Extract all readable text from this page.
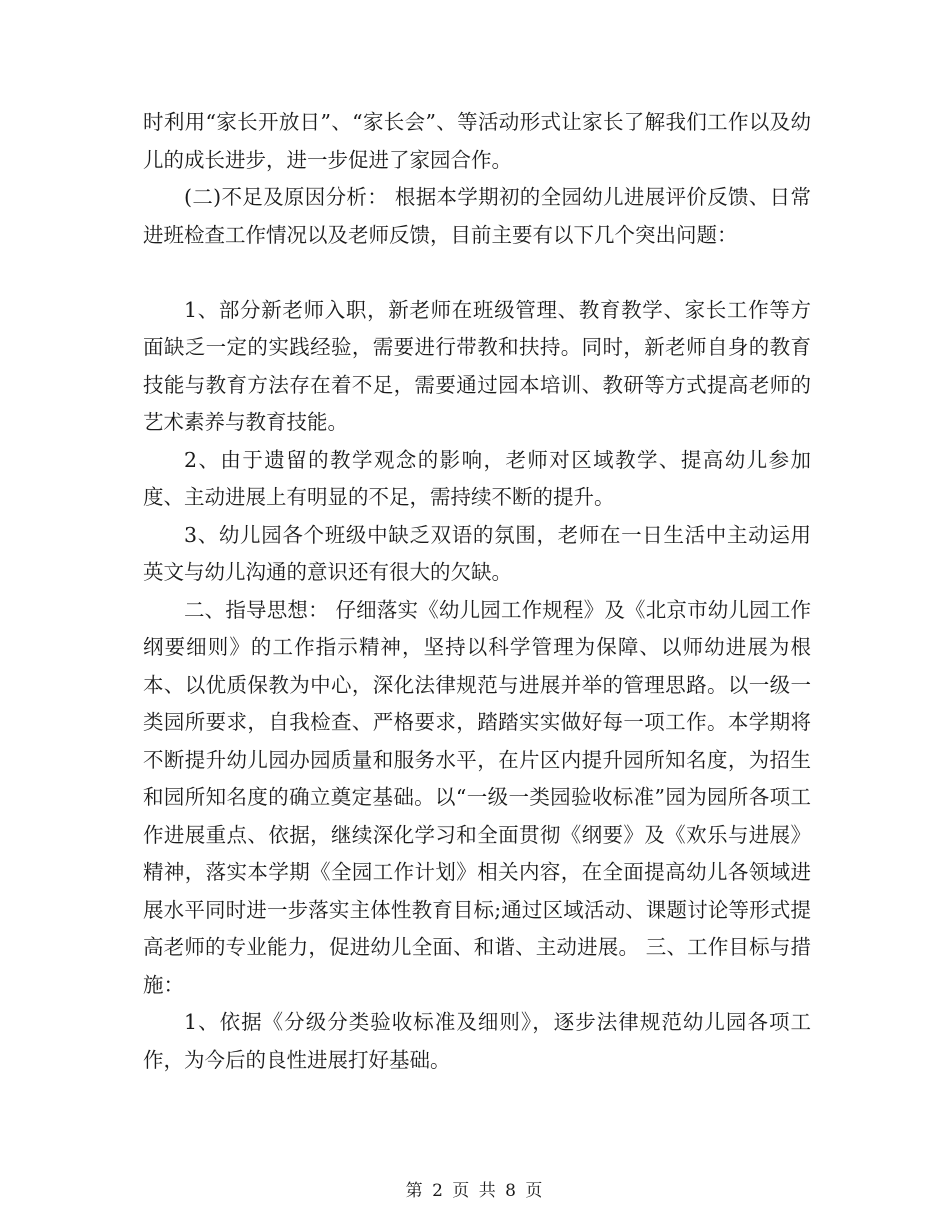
时利用“家长开放日”、“家长会”、等活动形式让家长了解我们工作以及幼儿的成长进步，进一步促进了家园合作。

(二)不足及原因分析： 根据本学期初的全园幼儿进展评价反馈、日常进班检查工作情况以及老师反馈，目前主要有以下几个突出问题：

1、部分新老师入职，新老师在班级管理、教育教学、家长工作等方面缺乏一定的实践经验，需要进行带教和扶持。同时，新老师自身的教育技能与教育方法存在着不足，需要通过园本培训、教研等方式提高老师的艺术素养与教育技能。

2、由于遗留的教学观念的影响，老师对区域教学、提高幼儿参加度、主动进展上有明显的不足，需持续不断的提升。

3、幼儿园各个班级中缺乏双语的氛围，老师在一日生活中主动运用英文与幼儿沟通的意识还有很大的欠缺。

二、指导思想： 仔细落实《幼儿园工作规程》及《北京市幼儿园工作纲要细则》的工作指示精神，坚持以科学管理为保障、以师幼进展为根本、以优质保教为中心，深化法律规范与进展并举的管理思路。以一级一类园所要求，自我检查、严格要求，踏踏实实做好每一项工作。本学期将不断提升幼儿园办园质量和服务水平，在片区内提升园所知名度，为招生和园所知名度的确立奠定基础。以“一级一类园验收标准”园为园所各项工作进展重点、依据，继续深化学习和全面贯彻《纲要》及《欢乐与进展》精神，落实本学期《全园工作计划》相关内容，在全面提高幼儿各领域进展水平同时进一步落实主体性教育目标;通过区域活动、课题讨论等形式提高老师的专业能力，促进幼儿全面、和谐、主动进展。 三、工作目标与措施：

1、依据《分级分类验收标准及细则》，逐步法律规范幼儿园各项工作，为今后的良性进展打好基础。

第 2 页 共 8 页
